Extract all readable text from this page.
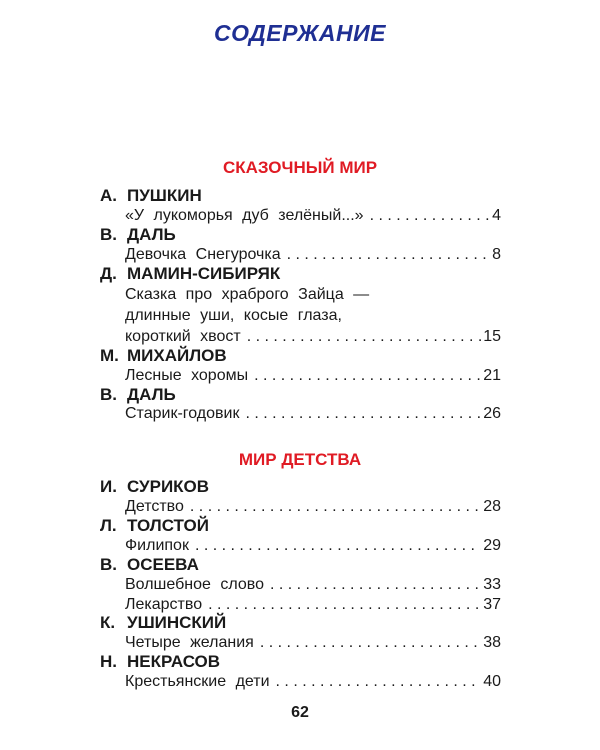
СОДЕРЖАНИЕ
СКАЗОЧНЫЙ МИР
А. ПУШКИН
«У лукоморья дуб зелёный...» . . .	4
В. ДАЛЬ
Девочка Снегурочка . . .	8
Д. МАМИН-СИБИРЯК
Сказка про храброго Зайца —
длинные уши, косые глаза,
короткий хвост . . .	15
М. МИХАЙЛОВ
Лесные хоромы . . .	21
В. ДАЛЬ
Старик-годовик . . .	26
МИР ДЕТСТВА
И. СУРИКОВ
Детство . . .	28
Л. ТОЛСТОЙ
Филипок . . .	29
В. ОСЕЕВА
Волшебное слово . . .	33
Лекарство . . .	37
К. УШИНСКИЙ
Четыре желания . . .	38
Н. НЕКРАСОВ
Крестьянские дети . . .	40
62
